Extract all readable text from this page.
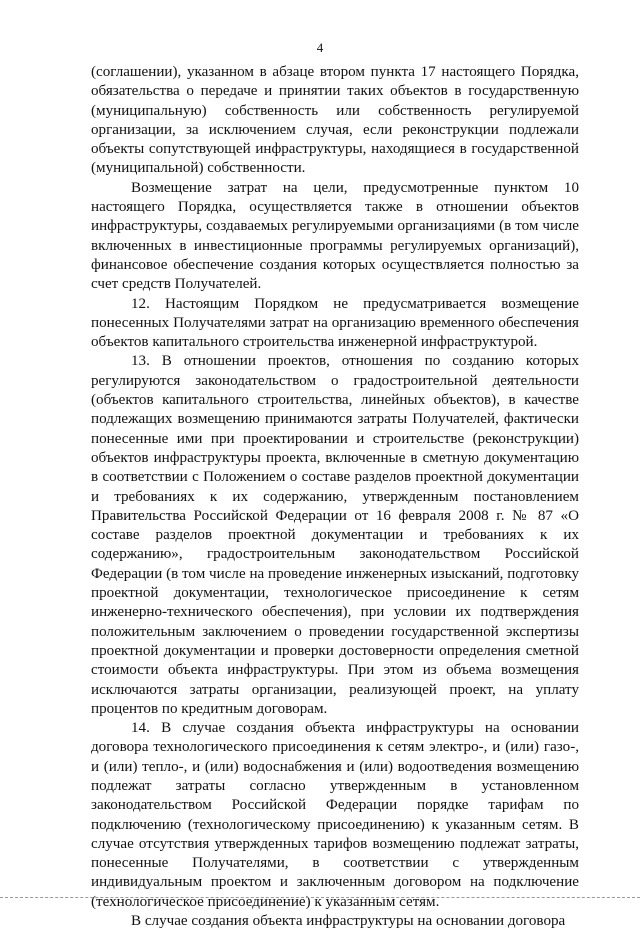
4

(соглашении), указанном в абзаце втором пункта 17 настоящего Порядка, обязательства о передаче и принятии таких объектов в государственную (муниципальную) собственность или собственность регулируемой организации, за исключением случая, если реконструкции подлежали объекты сопутствующей инфраструктуры, находящиеся в государственной (муниципальной) собственности.

Возмещение затрат на цели, предусмотренные пунктом 10 настоящего Порядка, осуществляется также в отношении объектов инфраструктуры, создаваемых регулируемыми организациями (в том числе включенных в инвестиционные программы регулируемых организаций), финансовое обеспечение создания которых осуществляется полностью за счет средств Получателей.

12. Настоящим Порядком не предусматривается возмещение понесенных Получателями затрат на организацию временного обеспечения объектов капитального строительства инженерной инфраструктурой.

13. В отношении проектов, отношения по созданию которых регулируются законодательством о градостроительной деятельности (объектов капитального строительства, линейных объектов), в качестве подлежащих возмещению принимаются затраты Получателей, фактически понесенные ими при проектировании и строительстве (реконструкции) объектов инфраструктуры проекта, включенные в сметную документацию в соответствии с Положением о составе разделов проектной документации и требованиях к их содержанию, утвержденным постановлением Правительства Российской Федерации от 16 февраля 2008 г. № 87 «О составе разделов проектной документации и требованиях к их содержанию», градостроительным законодательством Российской Федерации (в том числе на проведение инженерных изысканий, подготовку проектной документации, технологическое присоединение к сетям инженерно-технического обеспечения), при условии их подтверждения положительным заключением о проведении государственной экспертизы проектной документации и проверки достоверности определения сметной стоимости объекта инфраструктуры. При этом из объема возмещения исключаются затраты организации, реализующей проект, на уплату процентов по кредитным договорам.

14. В случае создания объекта инфраструктуры на основании договора технологического присоединения к сетям электро-, и (или) газо-, и (или) тепло-, и (или) водоснабжения и (или) водоотведения возмещению подлежат затраты согласно утвержденным в установленном законодательством Российской Федерации порядке тарифам по подключению (технологическому присоединению) к указанным сетям. В случае отсутствия утвержденных тарифов возмещению подлежат затраты, понесенные Получателями, в соответствии с утвержденным индивидуальным проектом и заключенным договором на подключение (технологическое присоединение) к указанным сетям.

В случае создания объекта инфраструктуры на основании договора
